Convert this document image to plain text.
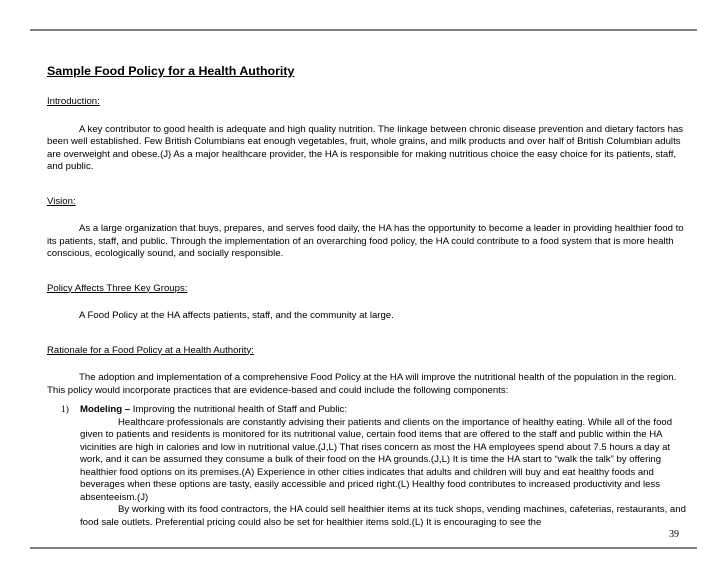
Sample Food Policy for a Health Authority

Introduction:

A key contributor to good health is adequate and high quality nutrition. The linkage between chronic disease prevention and dietary factors has been well established. Few British Columbians eat enough vegetables, fruit, whole grains, and milk products and over half of British Columbian adults are overweight and obese.(J) As a major healthcare provider, the HA is responsible for making nutritious choice the easy choice for its patients, staff, and public.

Vision:

As a large organization that buys, prepares, and serves food daily, the HA has the opportunity to become a leader in providing healthier food to its patients, staff, and public. Through the implementation of an overarching food policy, the HA could contribute to a food system that is more health conscious, ecologically sound, and socially responsible.

Policy Affects Three Key Groups:

A Food Policy at the HA affects patients, staff, and the community at large.

Rationale for a Food Policy at a Health Authority:

The adoption and implementation of a comprehensive Food Policy at the HA will improve the nutritional health of the population in the region. This policy would incorporate practices that are evidence-based and could include the following components:

1) Modeling – Improving the nutritional health of Staff and Public:

Healthcare professionals are constantly advising their patients and clients on the importance of healthy eating. While all of the food given to patients and residents is monitored for its nutritional value, certain food items that are offered to the staff and public within the HA vicinities are high in calories and low in nutritional value.(J,L) That rises concern as most the HA employees spend about 7.5 hours a day at work, and it can be assumed they consume a bulk of their food on the HA grounds.(J,L) It is time the HA start to “walk the talk” by offering healthier food options on its premises.(A) Experience in other cities indicates that adults and children will buy and eat healthy foods and beverages when these options are tasty, easily accessible and priced right.(L) Healthy food contributes to increased productivity and less absenteeism.(J)

By working with its food contractors, the HA could sell healthier items at its tuck shops, vending machines, cafeterias, restaurants, and food sale outlets. Preferential pricing could also be set for healthier items sold.(L) It is encouraging to see the

39
